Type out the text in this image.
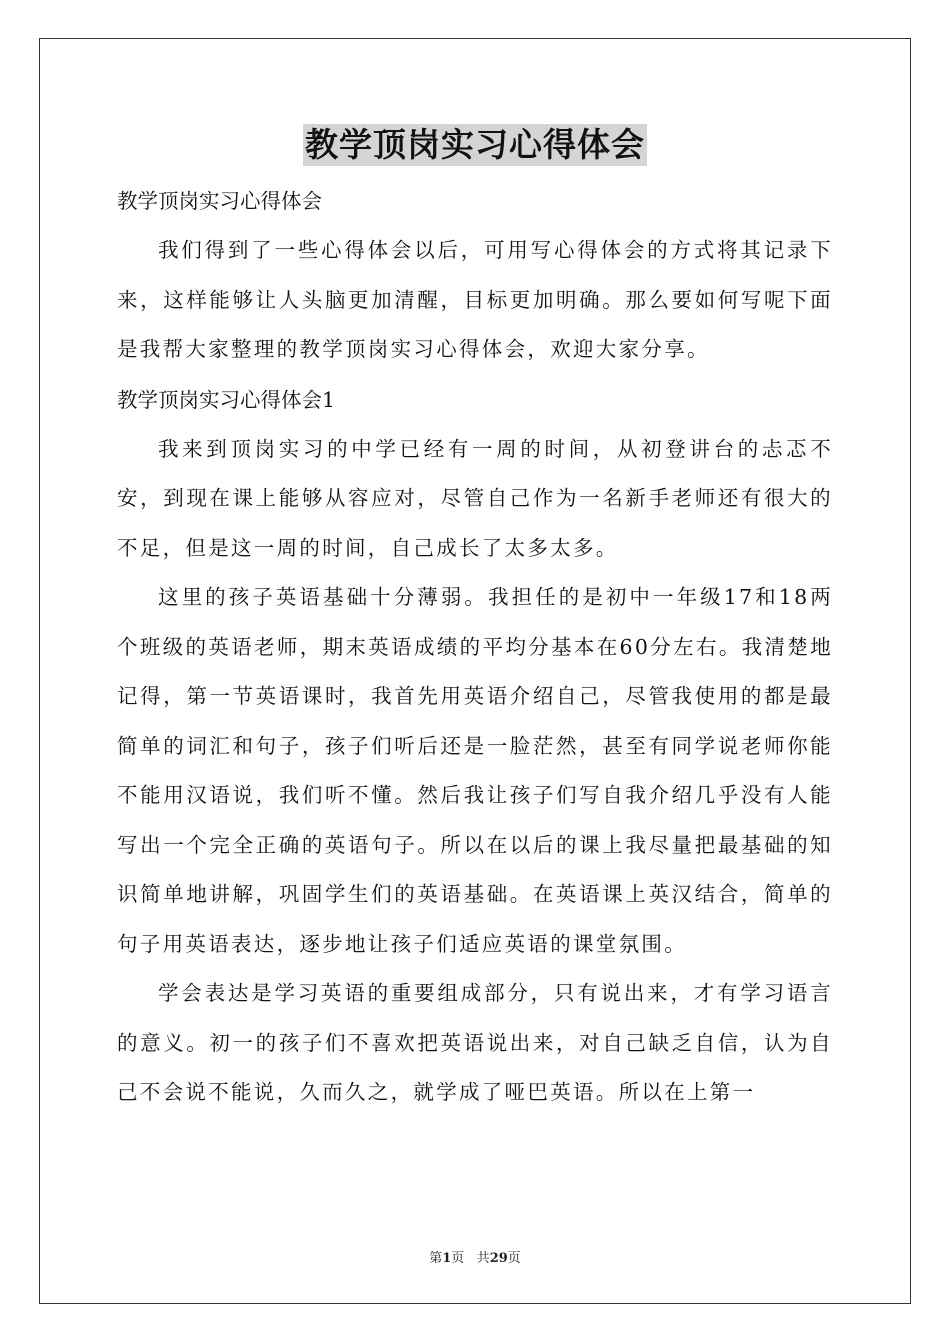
教学顶岗实习心得体会

教学顶岗实习心得体会

我们得到了一些心得体会以后，可用写心得体会的方式将其记录下来，这样能够让人头脑更加清醒，目标更加明确。那么要如何写呢下面是我帮大家整理的教学顶岗实习心得体会，欢迎大家分享。

教学顶岗实习心得体会1

我来到顶岗实习的中学已经有一周的时间，从初登讲台的忐忑不安，到现在课上能够从容应对，尽管自己作为一名新手老师还有很大的不足，但是这一周的时间，自己成长了太多太多。

这里的孩子英语基础十分薄弱。我担任的是初中一年级17和18两个班级的英语老师，期末英语成绩的平均分基本在60分左右。我清楚地记得，第一节英语课时，我首先用英语介绍自己，尽管我使用的都是最简单的词汇和句子，孩子们听后还是一脸茫然，甚至有同学说老师你能不能用汉语说，我们听不懂。然后我让孩子们写自我介绍几乎没有人能写出一个完全正确的英语句子。所以在以后的课上我尽量把最基础的知识简单地讲解，巩固学生们的英语基础。在英语课上英汉结合，简单的句子用英语表达，逐步地让孩子们适应英语的课堂氛围。

学会表达是学习英语的重要组成部分，只有说出来，才有学习语言的意义。初一的孩子们不喜欢把英语说出来，对自己缺乏自信，认为自己不会说不能说，久而久之，就学成了哑巴英语。所以在上第一

第1页 共29页
